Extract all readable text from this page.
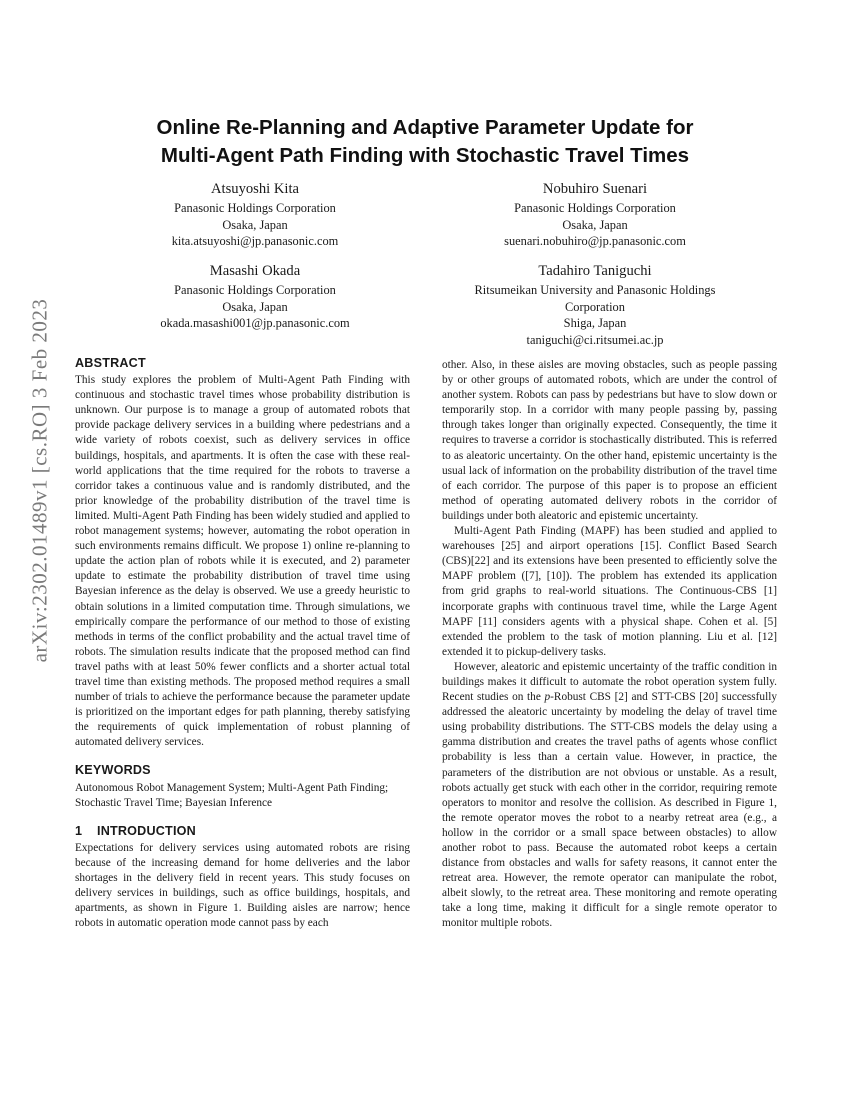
arXiv:2302.01489v1 [cs.RO] 3 Feb 2023
Online Re-Planning and Adaptive Parameter Update for
Multi-Agent Path Finding with Stochastic Travel Times
Atsuyoshi Kita
Panasonic Holdings Corporation
Osaka, Japan
kita.atsuyoshi@jp.panasonic.com
Nobuhiro Suenari
Panasonic Holdings Corporation
Osaka, Japan
suenari.nobuhiro@jp.panasonic.com
Masashi Okada
Panasonic Holdings Corporation
Osaka, Japan
okada.masashi001@jp.panasonic.com
Tadahiro Taniguchi
Ritsumeikan University and Panasonic Holdings
Corporation
Shiga, Japan
taniguchi@ci.ritsumei.ac.jp
ABSTRACT

This study explores the problem of Multi-Agent Path Finding with continuous and stochastic travel times whose probability distribution is unknown. Our purpose is to manage a group of automated robots that provide package delivery services in a building where pedestrians and a wide variety of robots coexist, such as delivery services in office buildings, hospitals, and apartments. It is often the case with these real-world applications that the time required for the robots to traverse a corridor takes a continuous value and is randomly distributed, and the prior knowledge of the probability distribution of the travel time is limited. Multi-Agent Path Finding has been widely studied and applied to robot management systems; however, automating the robot operation in such environments remains difficult. We propose 1) online re-planning to update the action plan of robots while it is executed, and 2) parameter update to estimate the probability distribution of travel time using Bayesian inference as the delay is observed. We use a greedy heuristic to obtain solutions in a limited computation time. Through simulations, we empirically compare the performance of our method to those of existing methods in terms of the conflict probability and the actual travel time of robots. The simulation results indicate that the proposed method can find travel paths with at least 50% fewer conflicts and a shorter actual total travel time than existing methods. The proposed method requires a small number of trials to achieve the performance because the parameter update is prioritized on the important edges for path planning, thereby satisfying the requirements of quick implementation of robust planning of automated delivery services.

KEYWORDS

Autonomous Robot Management System; Multi-Agent Path Finding; Stochastic Travel Time; Bayesian Inference

1 INTRODUCTION

Expectations for delivery services using automated robots are rising because of the increasing demand for home deliveries and the labor shortages in the delivery field in recent years. This study focuses on delivery services in buildings, such as office buildings, hospitals, and apartments, as shown in Figure 1. Building aisles are narrow; hence robots in automatic operation mode cannot pass by each

other. Also, in these aisles are moving obstacles, such as people passing by or other groups of automated robots, which are under the control of another system. Robots can pass by pedestrians but have to slow down or temporarily stop. In a corridor with many people passing by, passing through takes longer than originally expected. Consequently, the time it requires to traverse a corridor is stochastically distributed. This is referred to as aleatoric uncertainty. On the other hand, epistemic uncertainty is the usual lack of information on the probability distribution of the travel time of each corridor. The purpose of this paper is to propose an efficient method of operating automated delivery robots in the corridor of buildings under both aleatoric and epistemic uncertainty.

Multi-Agent Path Finding (MAPF) has been studied and applied to warehouses [25] and airport operations [15]. Conflict Based Search (CBS)[22] and its extensions have been presented to efficiently solve the MAPF problem ([7], [10]). The problem has extended its application from grid graphs to real-world situations. The Continuous-CBS [1] incorporate graphs with continuous travel time, while the Large Agent MAPF [11] considers agents with a physical shape. Cohen et al. [5] extended the problem to the task of motion planning. Liu et al. [12] extended it to pickup-delivery tasks.

However, aleatoric and epistemic uncertainty of the traffic condition in buildings makes it difficult to automate the robot operation system fully. Recent studies on the p-Robust CBS [2] and STT-CBS [20] successfully addressed the aleatoric uncertainty by modeling the delay of travel time using probability distributions. The STT-CBS models the delay using a gamma distribution and creates the travel paths of agents whose conflict probability is less than a certain value. However, in practice, the parameters of the distribution are not obvious or unstable. As a result, robots actually get stuck with each other in the corridor, requiring remote operators to monitor and resolve the collision. As described in Figure 1, the remote operator moves the robot to a nearby retreat area (e.g., a hollow in the corridor or a small space between obstacles) to allow another robot to pass. Because the automated robot keeps a certain distance from obstacles and walls for safety reasons, it cannot enter the retreat area. However, the remote operator can manipulate the robot, albeit slowly, to the retreat area. These monitoring and remote operating take a long time, making it difficult for a single remote operator to monitor multiple robots.
